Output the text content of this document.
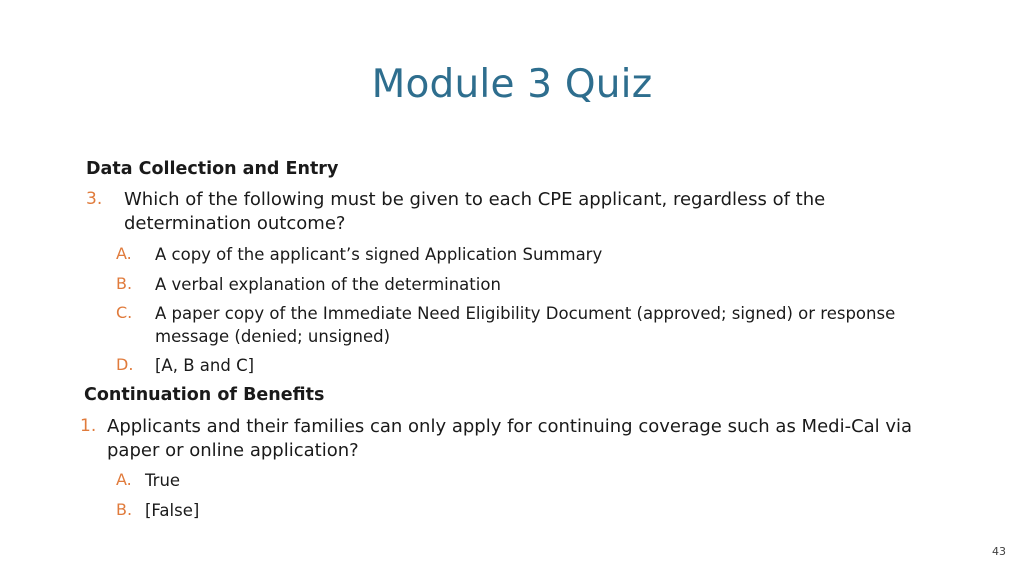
Module 3 Quiz
Data Collection and Entry
3. Which of the following must be given to each CPE applicant, regardless of the determination outcome?
A. A copy of the applicant’s signed Application Summary
B. A verbal explanation of the determination
C. A paper copy of the Immediate Need Eligibility Document (approved; signed) or response message (denied; unsigned)
D. [A, B and C]
Continuation of Benefits
1. Applicants and their families can only apply for continuing coverage such as Medi-Cal via paper or online application?
A. True
B. [False]
43
